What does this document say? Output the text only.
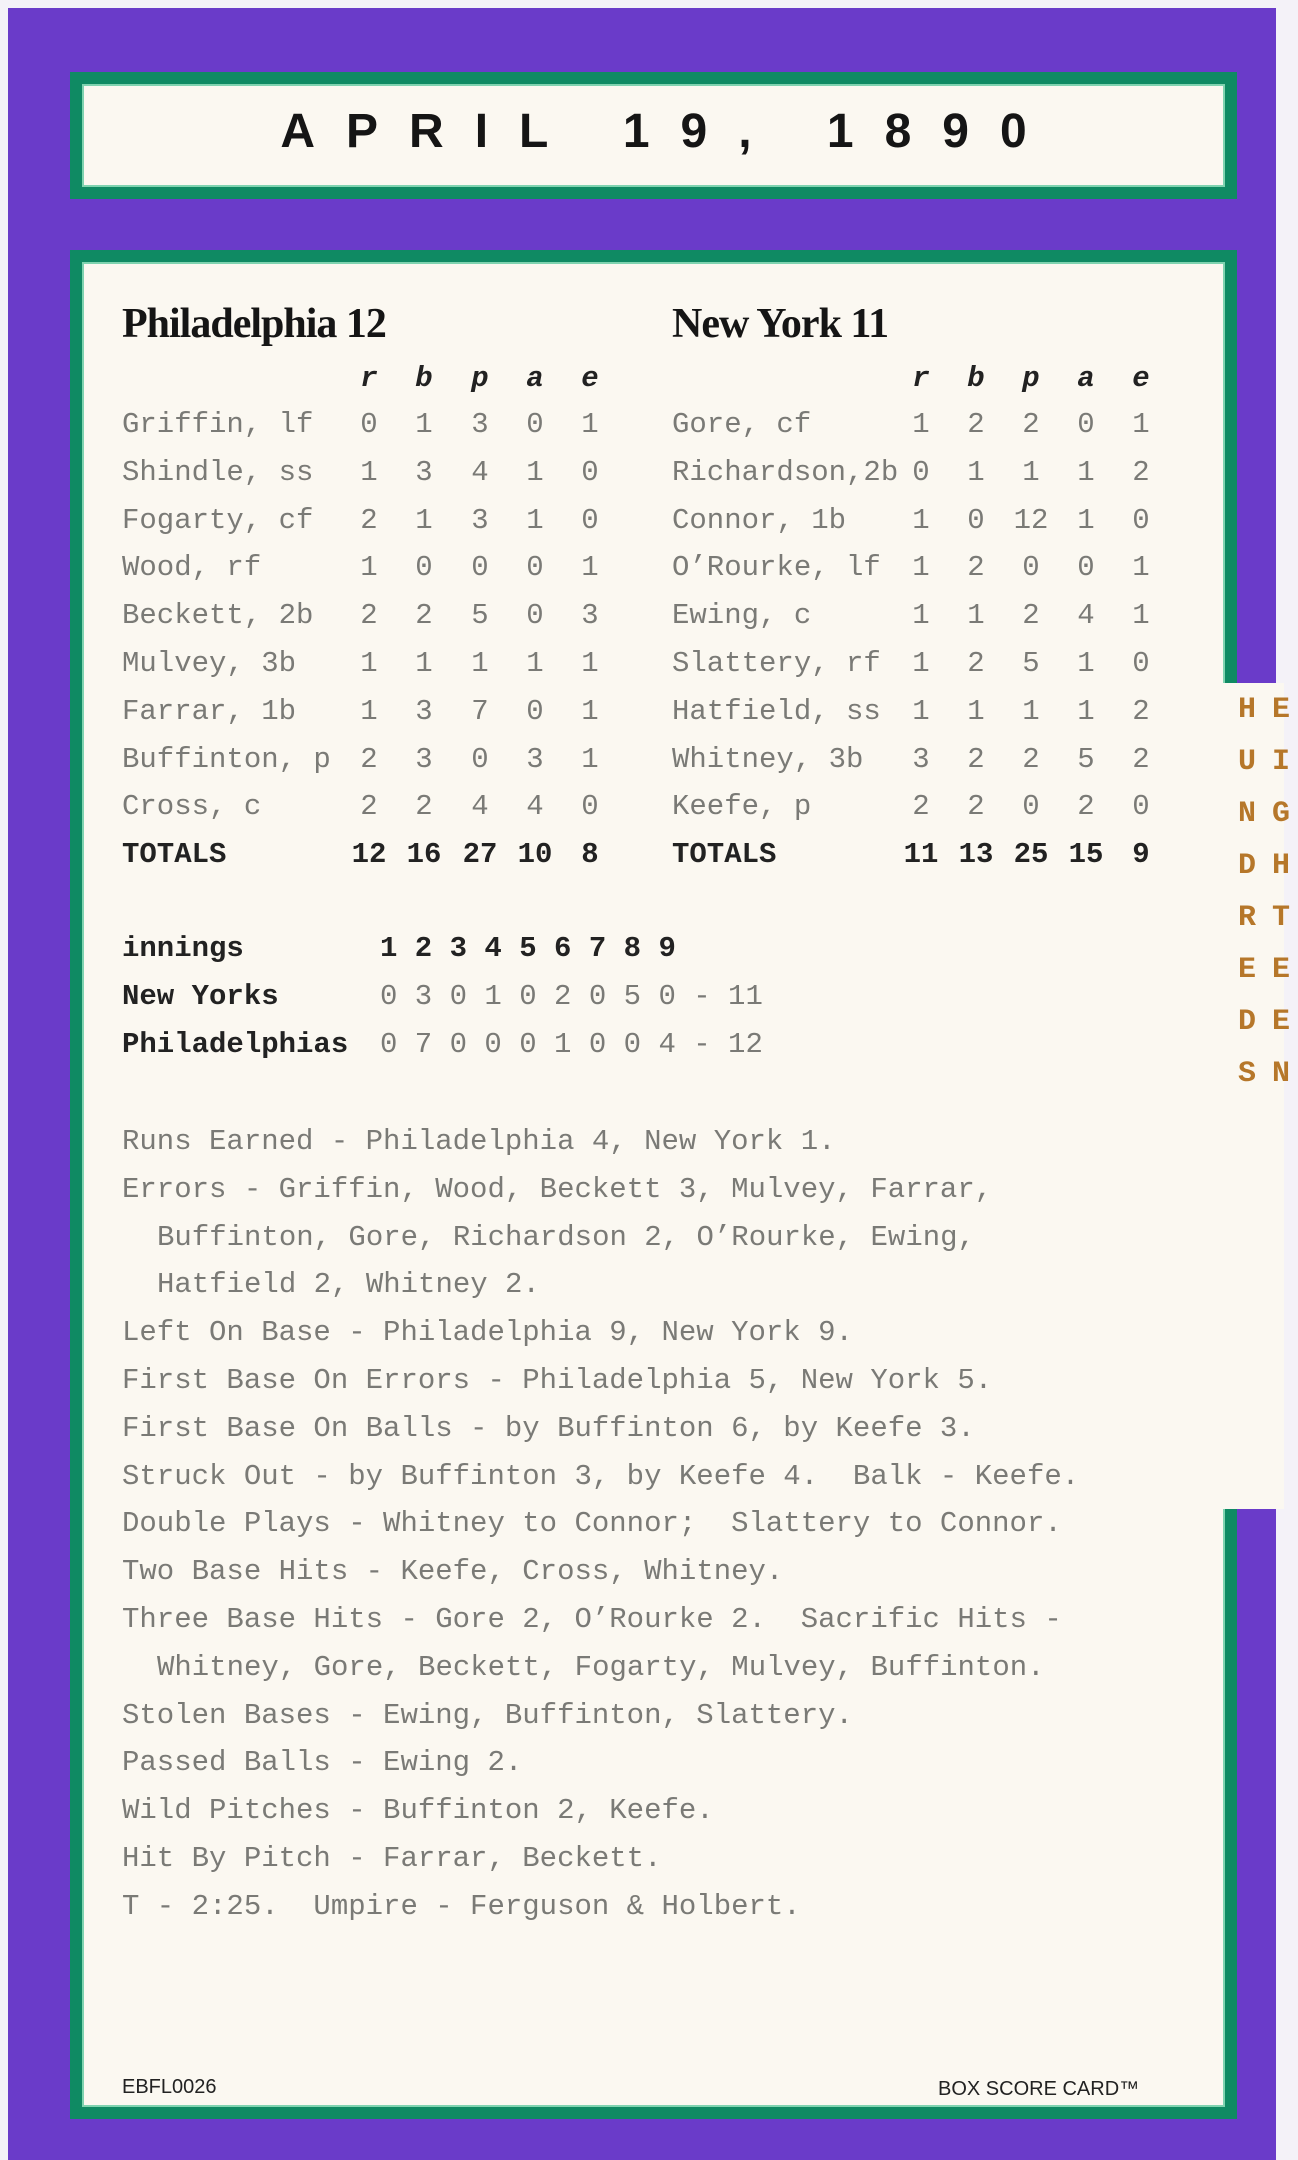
APRIL 19, 1890
EIGHTEEN HUNDREDS
Philadelphia 12
r	b	p	a	e
Griffin, lf	0	1	3	0	1
Shindle, ss	1	3	4	1	0
Fogarty, cf	2	1	3	1	0
Wood, rf	1	0	0	0	1
Beckett, 2b	2	2	5	0	3
Mulvey, 3b	1	1	1	1	1
Farrar, 1b	1	3	7	0	1
Buffinton, p	2	3	0	3	1
Cross, c	2	2	4	4	0
TOTALS	12 16 27 10 8
New York 11
r	b	p	a	e
Gore, cf	1	2	2	0	1
Richardson,2b 0	1	1	1	2
Connor, 1b	1	0 12 1	0
O’Rourke, lf	1	2	0	0	1
Ewing, c	1	1	2	4	1
Slattery, rf	1	2	5	1	0
Hatfield, ss	1	1	1	1	2
Whitney, 3b	3	2	2	5	2
Keefe, p	2	2	0	2	0
TOTALS	11 13 25 15 9
innings	1 2 3 4 5 6 7 8 9
New Yorks	0 3 0 1 0 2 0 5 0 - 11
Philadelphias 0 7 0 0 0 1 0 0 4 - 12
Runs Earned - Philadelphia 4, New York 1.
Errors - Griffin, Wood, Beckett 3, Mulvey, Farrar,
Buffinton, Gore, Richardson 2, O’Rourke, Ewing,
Hatfield 2, Whitney 2.
Left On Base - Philadelphia 9, New York 9.
First Base On Errors - Philadelphia 5, New York 5.
First Base On Balls - by Buffinton 6, by Keefe 3.
Struck Out - by Buffinton 3, by Keefe 4.  Balk - Keefe.
Double Plays - Whitney to Connor;  Slattery to Connor.
Two Base Hits - Keefe, Cross, Whitney.
Three Base Hits - Gore 2, O’Rourke 2.  Sacrific Hits -
Whitney, Gore, Beckett, Fogarty, Mulvey, Buffinton.
Stolen Bases - Ewing, Buffinton, Slattery.
Passed Balls - Ewing 2.
Wild Pitches - Buffinton 2, Keefe.
Hit By Pitch - Farrar, Beckett.
T - 2:25.  Umpire - Ferguson & Holbert.
EBFL0026	BOX SCORE CARD™
